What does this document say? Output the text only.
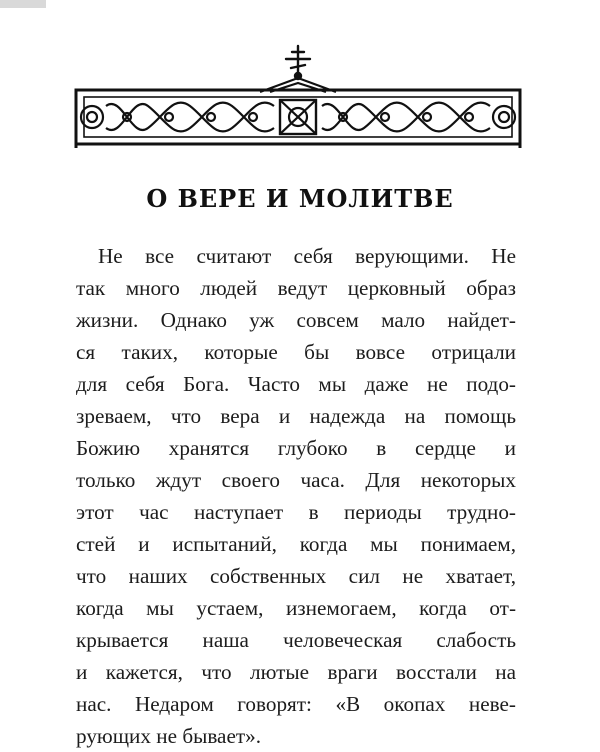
О ВЕРЕ И МОЛИТВЕ
Не все считают себя верующими. Не
так много людей ведут церковный образ
жизни. Однако уж совсем мало найдет-
ся таких, которые бы вовсе отрицали
для себя Бога. Часто мы даже не подо-
зреваем, что вера и надежда на помощь
Божию хранятся глубоко в сердце и
только ждут своего часа. Для некоторых
этот час наступает в периоды трудно-
стей и испытаний, когда мы понимаем,
что наших собственных сил не хватает,
когда мы устаем, изнемогаем, когда от-
крывается наша человеческая слабость
и кажется, что лютые враги восстали на
нас. Недаром говорят: «В окопах неве-
рующих не бывает».
